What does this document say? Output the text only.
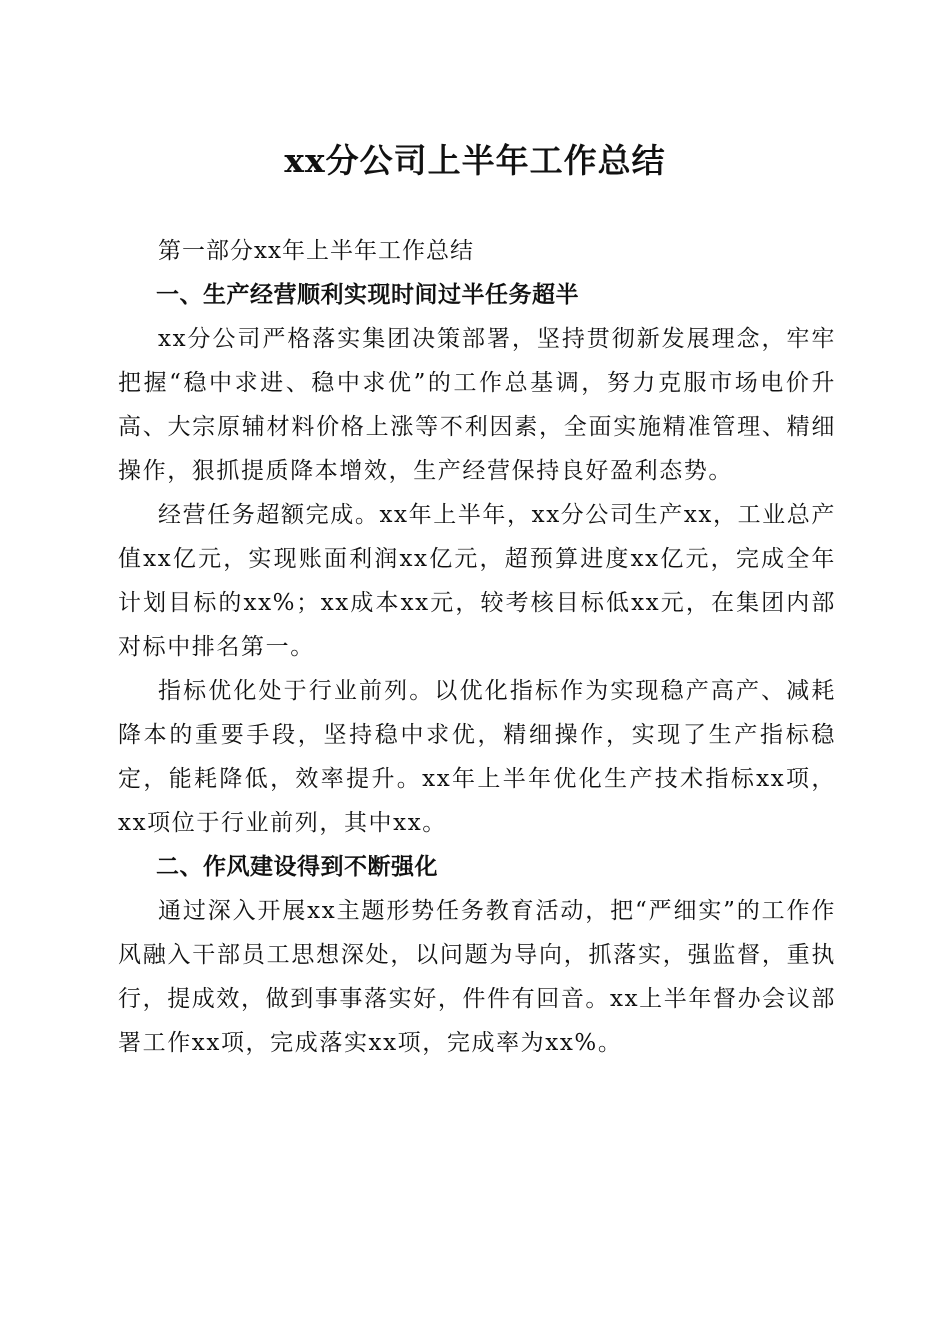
xx分公司上半年工作总结

第一部分xx年上半年工作总结

一、生产经营顺利实现时间过半任务超半

xx分公司严格落实集团决策部署，坚持贯彻新发展理念，牢牢把握“稳中求进、稳中求优”的工作总基调，努力克服市场电价升高、大宗原辅材料价格上涨等不利因素，全面实施精准管理、精细操作，狠抓提质降本增效，生产经营保持良好盈利态势。

经营任务超额完成。xx年上半年，xx分公司生产xx，工业总产值xx亿元，实现账面利润xx亿元，超预算进度xx亿元，完成全年计划目标的xx%；xx成本xx元，较考核目标低xx元，在集团内部对标中排名第一。

指标优化处于行业前列。以优化指标作为实现稳产高产、减耗降本的重要手段，坚持稳中求优，精细操作，实现了生产指标稳定，能耗降低，效率提升。xx年上半年优化生产技术指标xx项，xx项位于行业前列，其中xx。

二、作风建设得到不断强化

通过深入开展xx主题形势任务教育活动，把“严细实”的工作作风融入干部员工思想深处，以问题为导向，抓落实，强监督，重执行，提成效，做到事事落实好，件件有回音。xx上半年督办会议部署工作xx项，完成落实xx项，完成率为xx%。
